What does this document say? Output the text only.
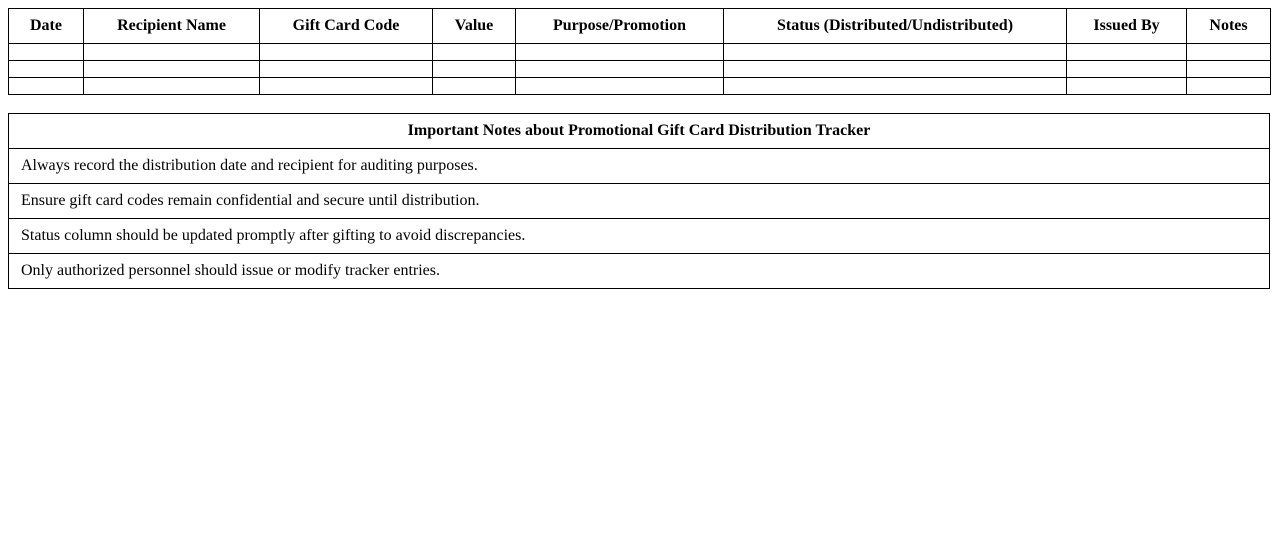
Date	Recipient Name	Gift Card Code	Value	Purpose/Promotion	Status (Distributed/Undistributed)	Issued By	Notes

Important Notes about Promotional Gift Card Distribution Tracker
Always record the distribution date and recipient for auditing purposes.
Ensure gift card codes remain confidential and secure until distribution.
Status column should be updated promptly after gifting to avoid discrepancies.
Only authorized personnel should issue or modify tracker entries.
